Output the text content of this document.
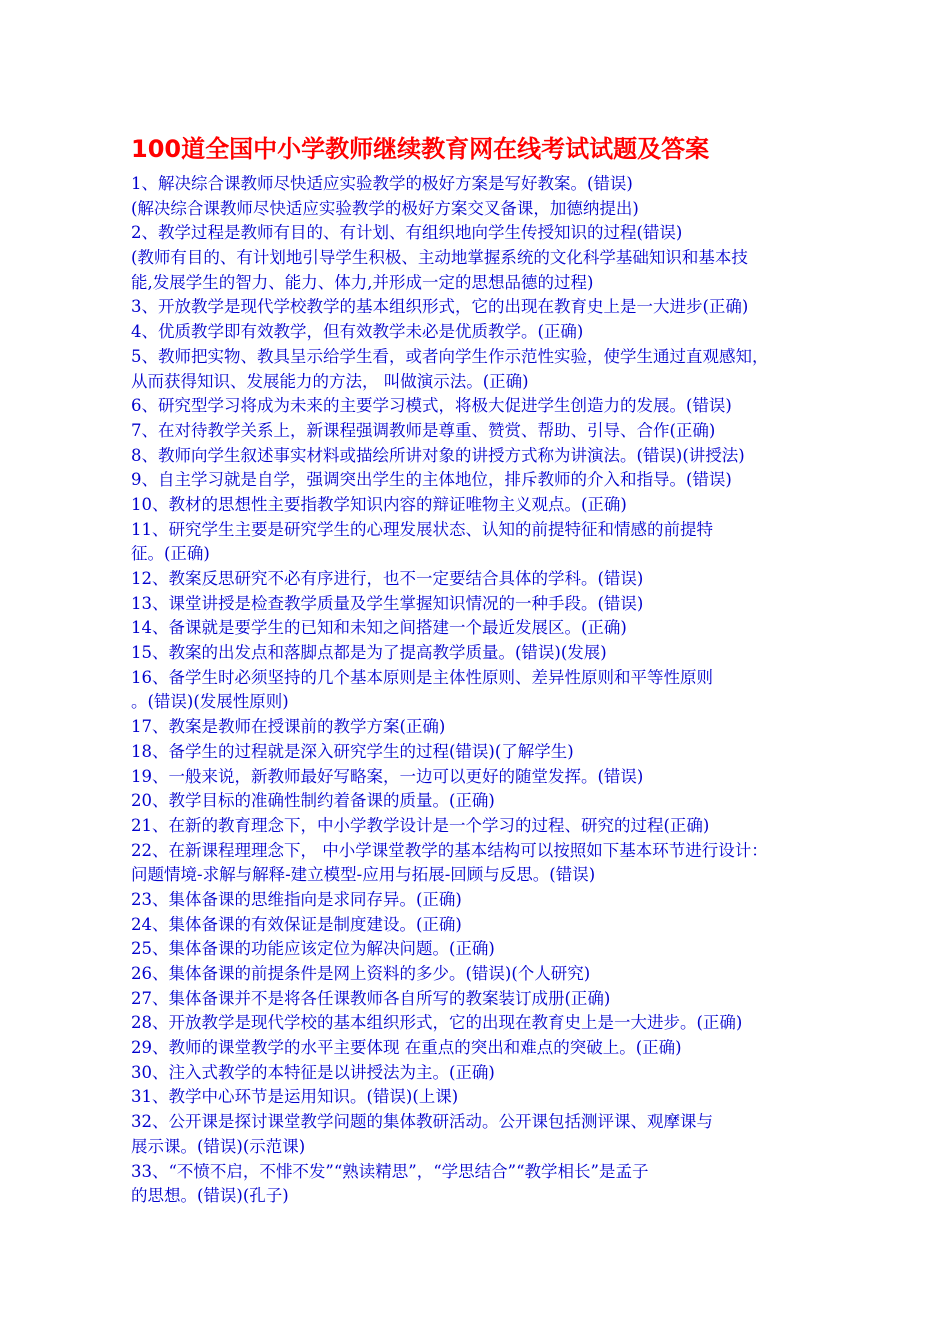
100道全国中小学教师继续教育网在线考试试题及答案
1、解决综合课教师尽快适应实验教学的极好方案是写好教案。(错误)
(解决综合课教师尽快适应实验教学的极好方案交叉备课，加德纳提出)
2、教学过程是教师有目的、有计划、有组织地向学生传授知识的过程(错误)
(教师有目的、有计划地引导学生积极、主动地掌握系统的文化科学基础知识和基本技
能,发展学生的智力、能力、体力,并形成一定的思想品德的过程)
3、开放教学是现代学校教学的基本组织形式，它的出现在教育史上是一大进步(正确)
4、优质教学即有效教学，但有效教学未必是优质教学。(正确)
5、教师把实物、教具呈示给学生看，或者向学生作示范性实验，使学生通过直观感知，
从而获得知识、发展能力的方法， 叫做演示法。(正确)
6、研究型学习将成为未来的主要学习模式，将极大促进学生创造力的发展。(错误)
7、在对待教学关系上，新课程强调教师是尊重、赞赏、帮助、引导、合作(正确)
8、教师向学生叙述事实材料或描绘所讲对象的讲授方式称为讲演法。(错误)(讲授法)
9、自主学习就是自学，强调突出学生的主体地位，排斥教师的介入和指导。(错误)
10、教材的思想性主要指教学知识内容的辩证唯物主义观点。(正确)
11、研究学生主要是研究学生的心理发展状态、认知的前提特征和情感的前提特
征。(正确)
12、教案反思研究不必有序进行，也不一定要结合具体的学科。(错误)
13、课堂讲授是检查教学质量及学生掌握知识情况的一种手段。(错误)
14、备课就是要学生的已知和未知之间搭建一个最近发展区。(正确)
15、教案的出发点和落脚点都是为了提高教学质量。(错误)(发展)
16、备学生时必须坚持的几个基本原则是主体性原则、差异性原则和平等性原则
。(错误)(发展性原则)
17、教案是教师在授课前的教学方案(正确)
18、备学生的过程就是深入研究学生的过程(错误)(了解学生)
19、一般来说，新教师最好写略案，一边可以更好的随堂发挥。(错误)
20、教学目标的准确性制约着备课的质量。(正确)
21、在新的教育理念下，中小学教学设计是一个学习的过程、研究的过程(正确)
22、在新课程理理念下， 中小学课堂教学的基本结构可以按照如下基本环节进行设计：
问题情境-求解与解释-建立模型-应用与拓展-回顾与反思。(错误)
23、集体备课的思维指向是求同存异。(正确)
24、集体备课的有效保证是制度建设。(正确)
25、集体备课的功能应该定位为解决问题。(正确)
26、集体备课的前提条件是网上资料的多少。(错误)(个人研究)
27、集体备课并不是将各任课教师各自所写的教案装订成册(正确)
28、开放教学是现代学校的基本组织形式，它的出现在教育史上是一大进步。(正确)
29、教师的课堂教学的水平主要体现 在重点的突出和难点的突破上。(正确)
30、注入式教学的本特征是以讲授法为主。(正确)
31、教学中心环节是运用知识。(错误)(上课)
32、公开课是探讨课堂教学问题的集体教研活动。公开课包括测评课、观摩课与
展示课。(错误)(示范课)
33、“不愤不启，不悱不发”“熟读精思”，“学思结合”“教学相长”是孟子
的思想。(错误)(孔子)
